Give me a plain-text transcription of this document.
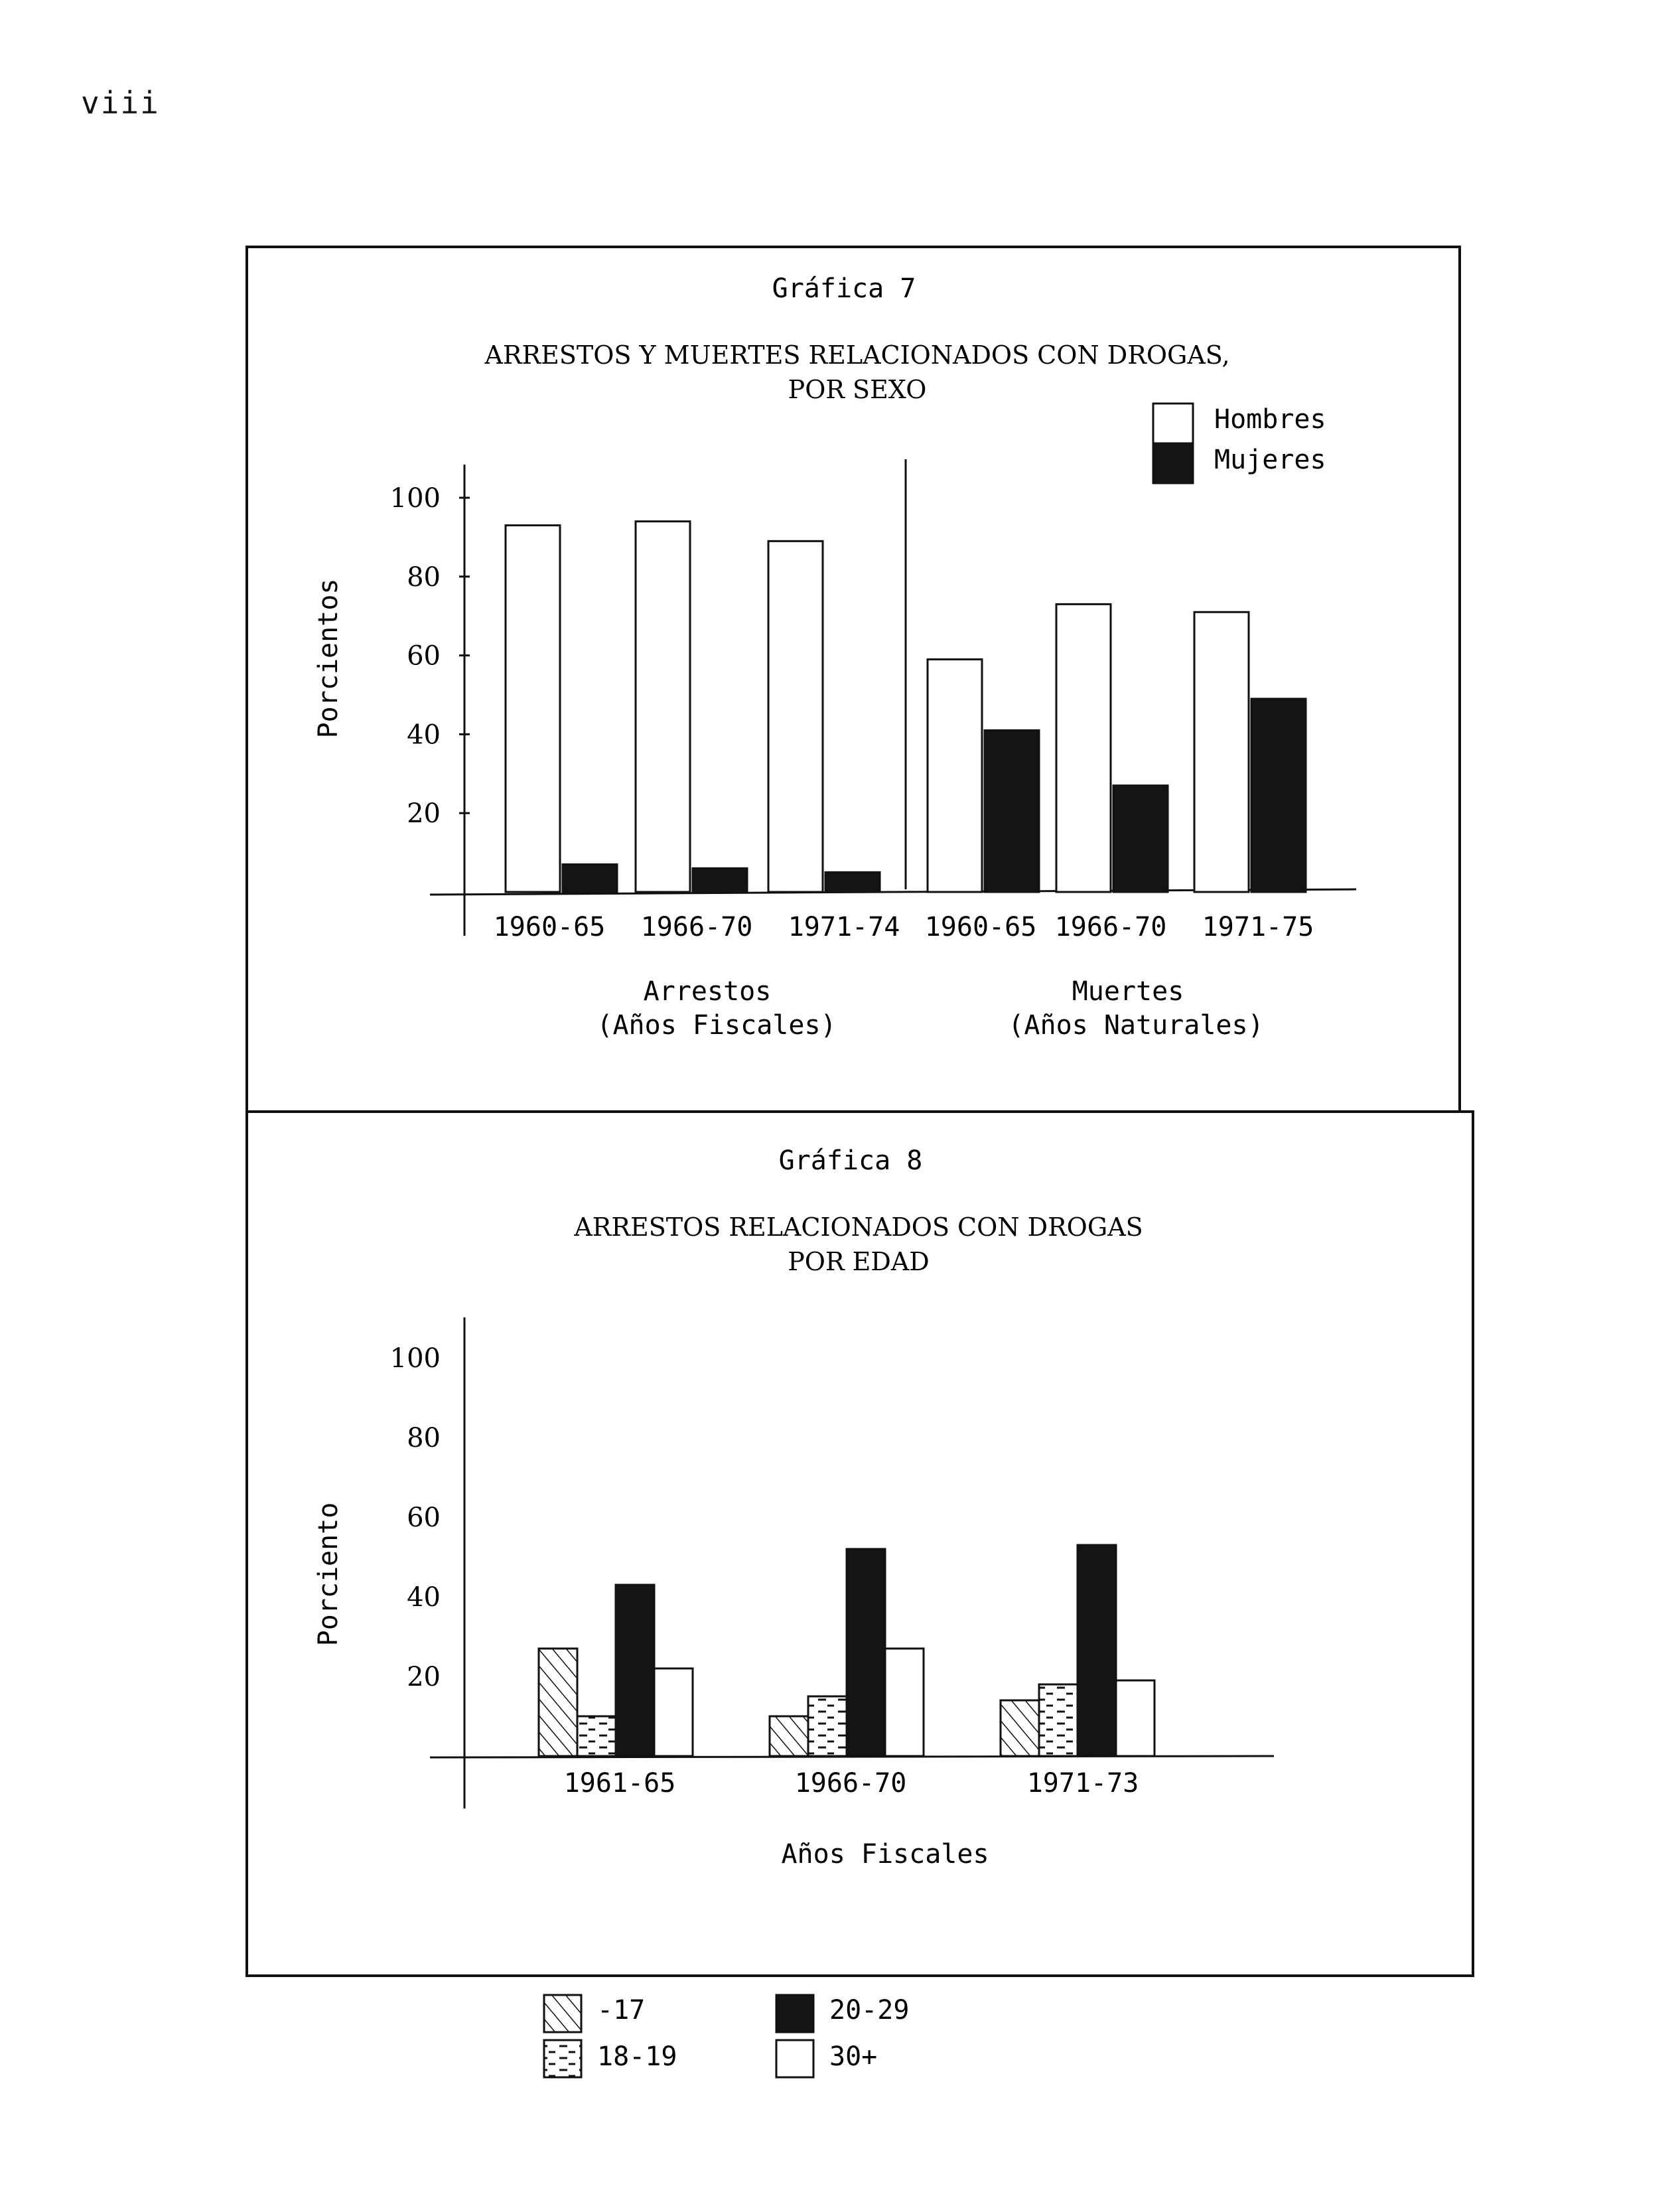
viii
Gráfica 7
ARRESTOS Y MUERTES RELACIONADOS CON DROGAS,
POR SEXO
Porcientos
100
80
60
40
20
1960-65 1966-70 1971-74 1960-65 1966-70 1971-75
Arrestos
(Años Fiscales)
Muertes
(Años Naturales)
Hombres
Mujeres
Gráfica 8
ARRESTOS RELACIONADOS CON DROGAS
POR EDAD
Porciento
100
80
60
40
20
1961-65	1966-70	1971-73
Años Fiscales
-17
18-19
20-29
30+
